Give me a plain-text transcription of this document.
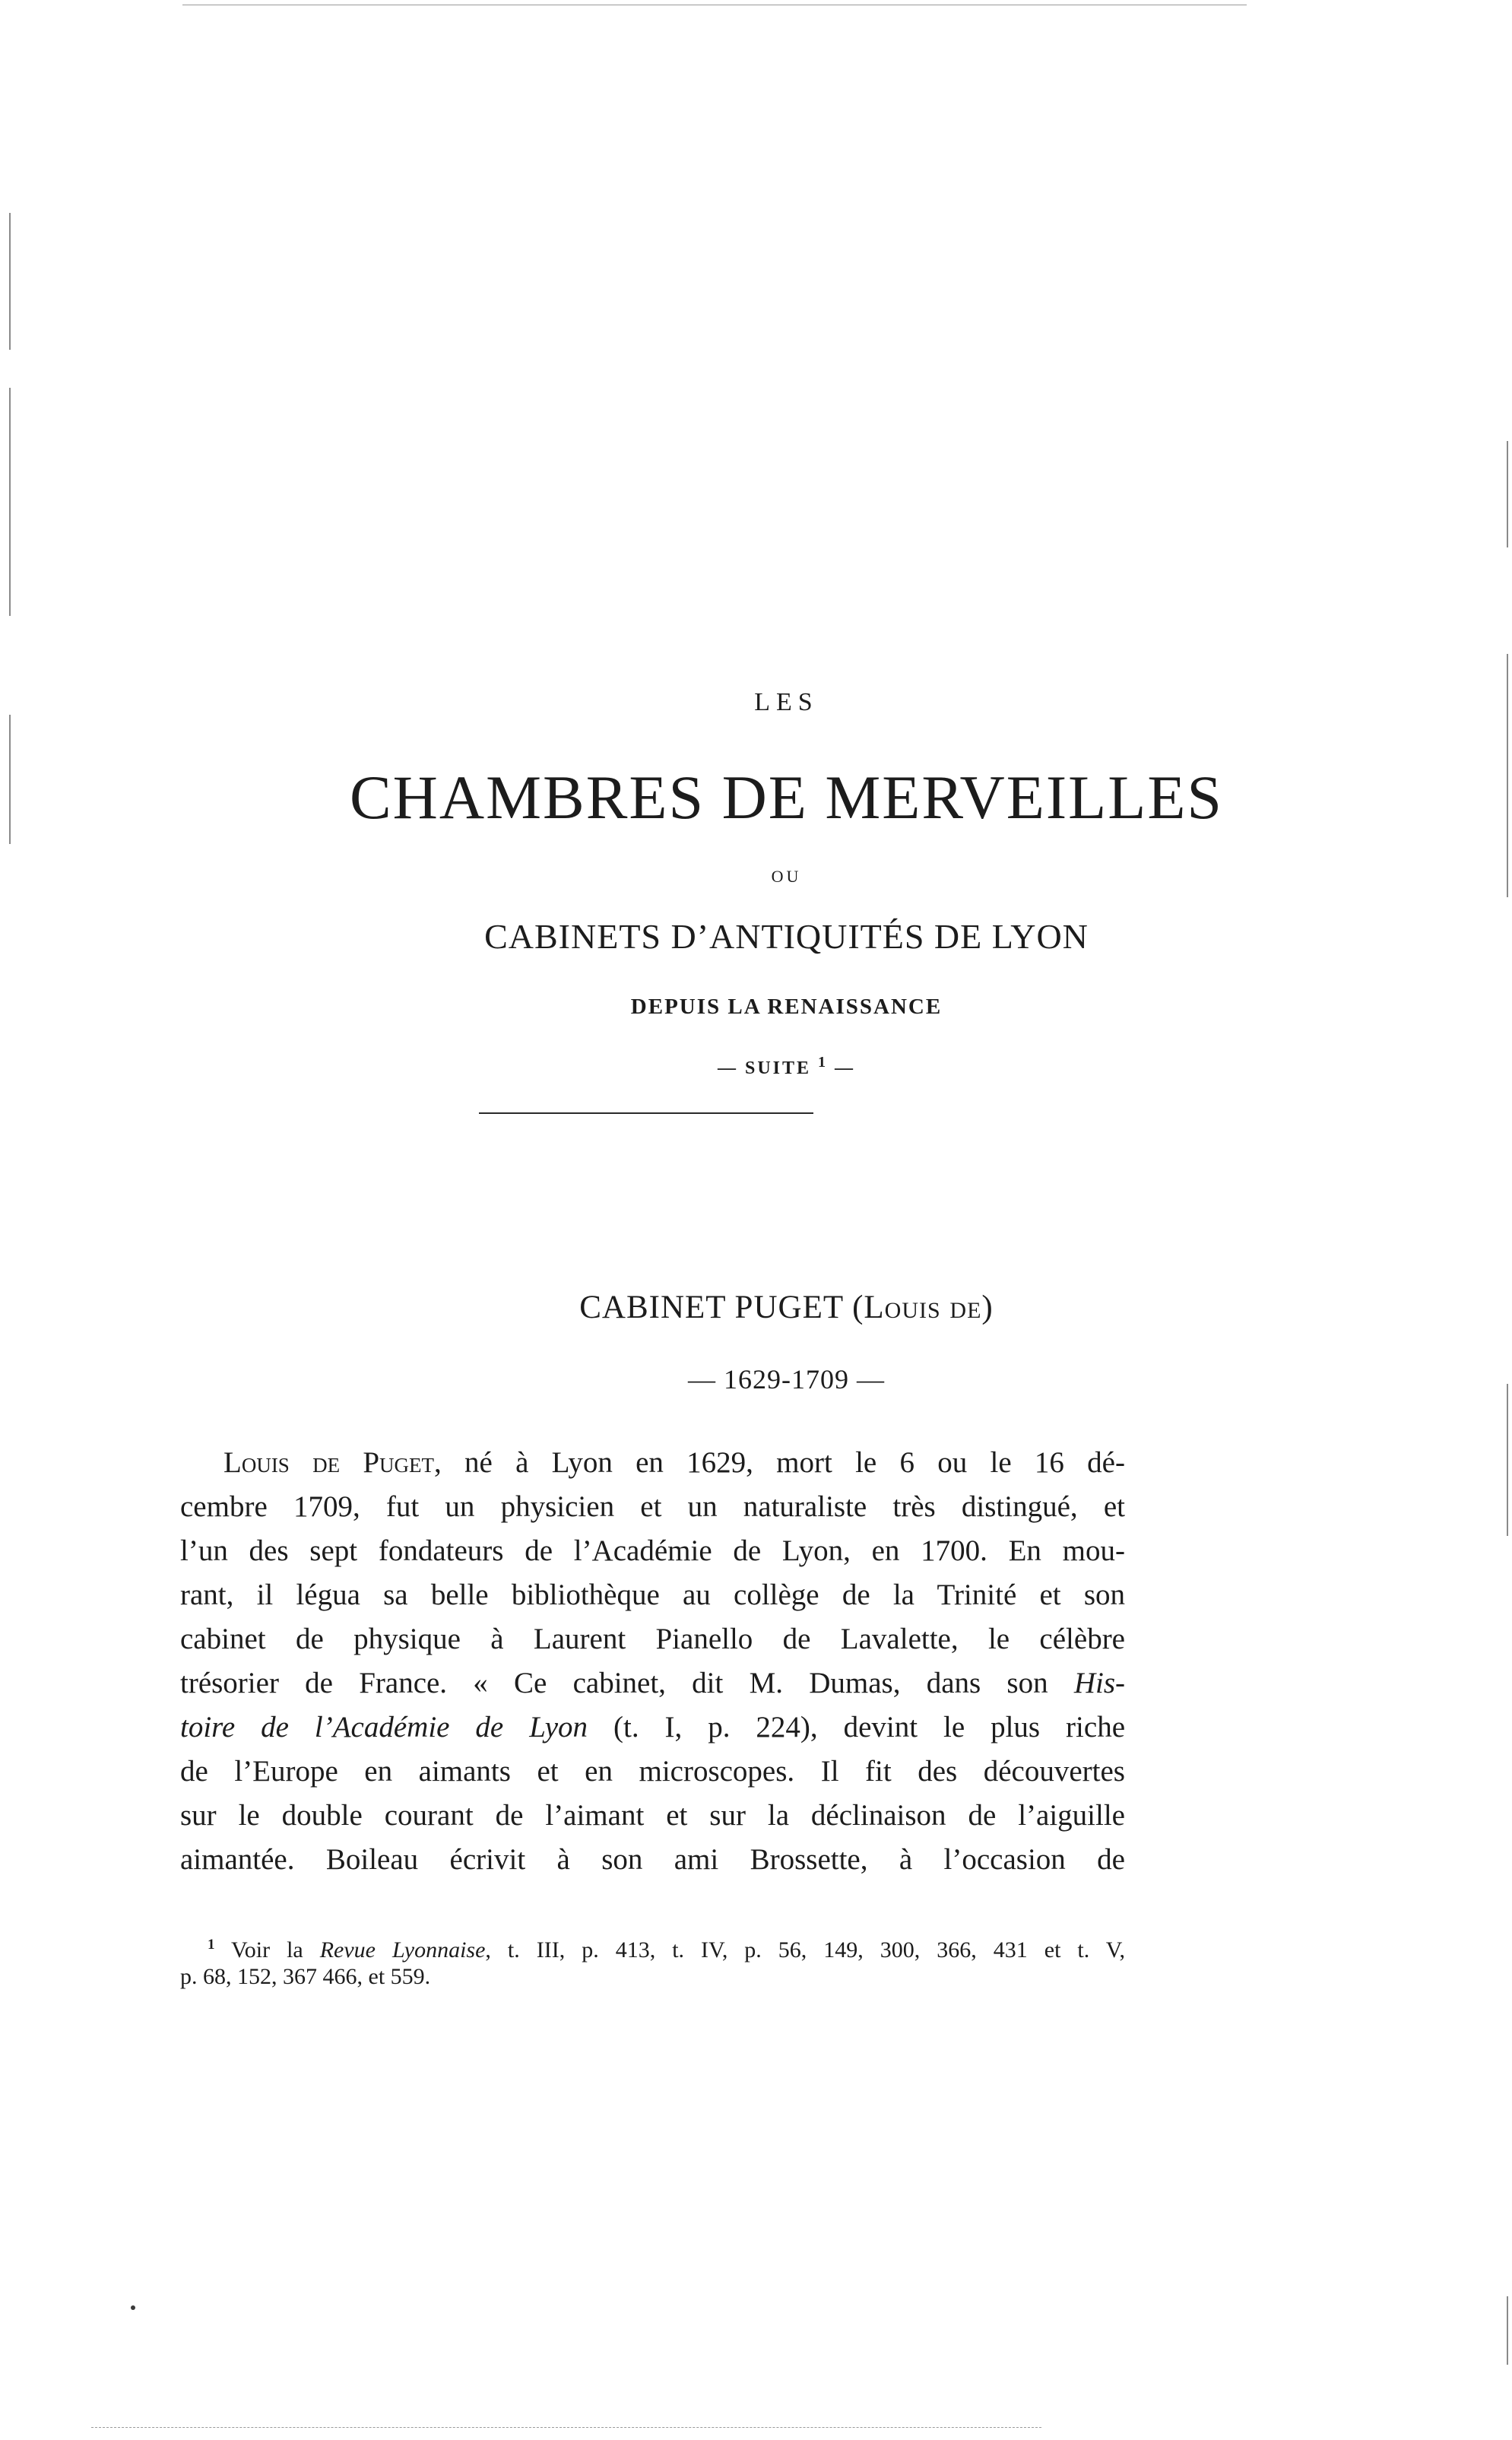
LES
CHAMBRES DE MERVEILLES
OU
CABINETS D’ANTIQUITÉS DE LYON
DEPUIS LA RENAISSANCE
— SUITE $^1$ —
CABINET PUGET (Louis de)
— 1629-1709 —
Louis de Puget, né à Lyon en 1629, mort le 6 ou le 16 dé-
cembre 1709, fut un physicien et un naturaliste très distingué, et
l’un des sept fondateurs de l’Académie de Lyon, en 1700. En mou-
rant, il légua sa belle bibliothèque au collège de la Trinité et son
cabinet de physique à Laurent Pianello de Lavalette, le célèbre
trésorier de France. « Ce cabinet, dit M. Dumas, dans son His-
toire de l’Académie de Lyon (t. I, p. 224), devint le plus riche
de l’Europe en aimants et en microscopes. Il fit des découvertes
sur le double courant de l’aimant et sur la déclinaison de l’aiguille
aimantée. Boileau écrivit à son ami Brossette, à l’occasion de
$^1$ Voir la Revue Lyonnaise, t. III, p. 413, t. IV, p. 56, 149, 300, 366, 431 et t. V,
p. 68, 152, 367 466, et 559.
